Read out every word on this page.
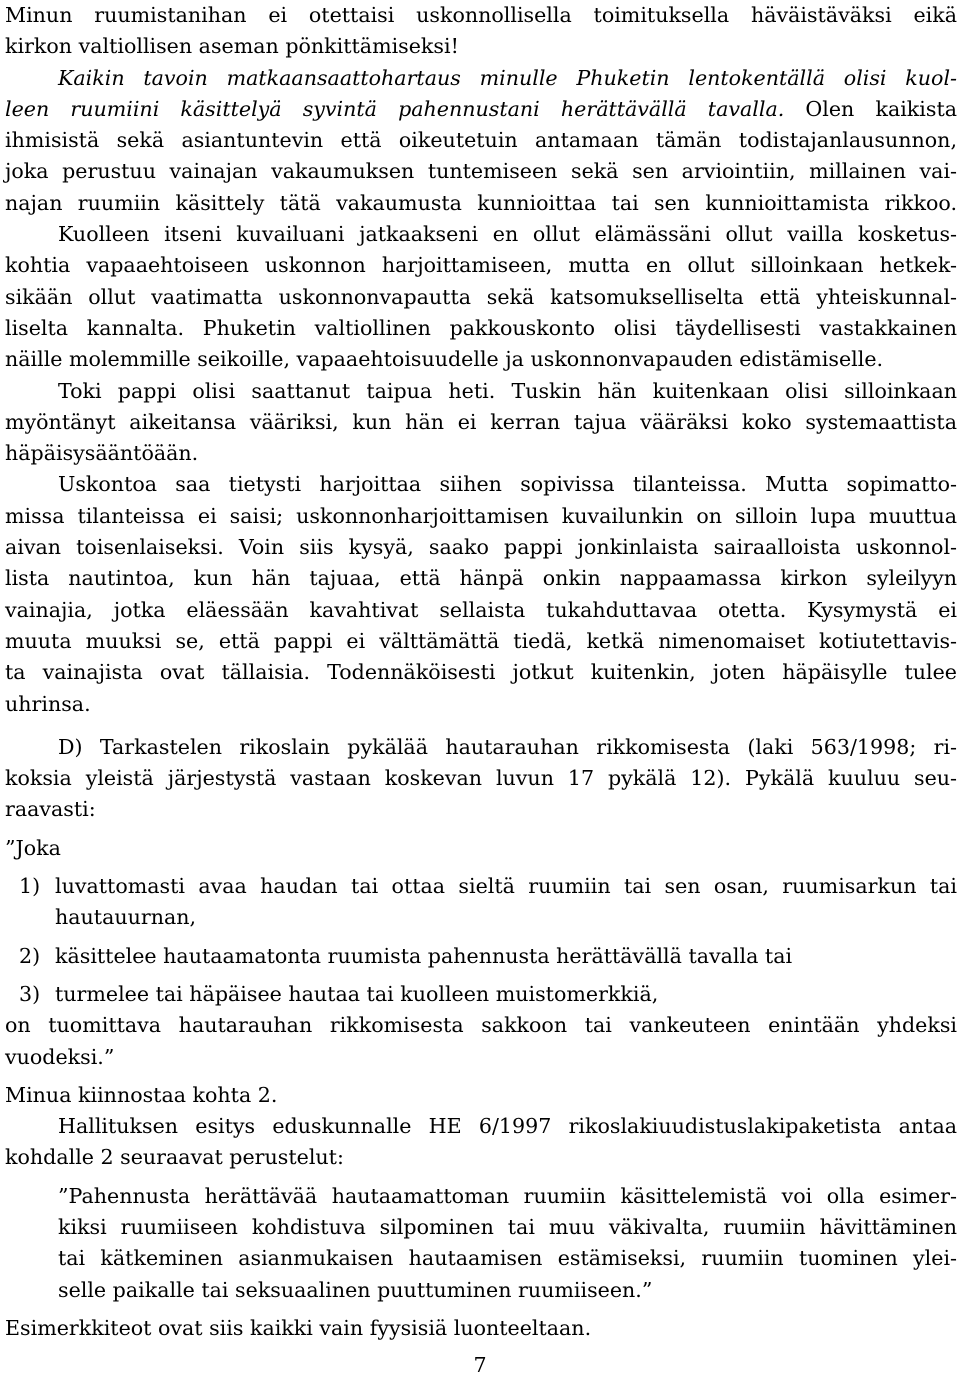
Minun ruumistanihan ei otettaisi uskonnollisella toimituksella häväistäväksi eikä
kirkon valtiollisen aseman pönkittämiseksi!
Kaikin tavoin matkaansaattohartaus minulle Phuketin lentokentällä olisi kuol-
leen ruumiini käsittelyä syvintä pahennustani herättävällä tavalla. Olen kaikista
ihmisistä sekä asiantuntevin että oikeutetuin antamaan tämän todistajanlausunnon,
joka perustuu vainajan vakaumuksen tuntemiseen sekä sen arviointiin, millainen vai-
najan ruumiin käsittely tätä vakaumusta kunnioittaa tai sen kunnioittamista rikkoo.
Kuolleen itseni kuvailuani jatkaakseni en ollut elämässäni ollut vailla kosketus-
kohtia vapaaehtoiseen uskonnon harjoittamiseen, mutta en ollut silloinkaan hetkek-
sikään ollut vaatimatta uskonnonvapautta sekä katsomukselliselta että yhteiskunnal-
liselta kannalta. Phuketin valtiollinen pakkouskonto olisi täydellisesti vastakkainen
näille molemmille seikoille, vapaaehtoisuudelle ja uskonnonvapauden edistämiselle.
Toki pappi olisi saattanut taipua heti. Tuskin hän kuitenkaan olisi silloinkaan
myöntänyt aikeitansa vääriksi, kun hän ei kerran tajua vääräksi koko systemaattista
häpäisysääntöään.
Uskontoa saa tietysti harjoittaa siihen sopivissa tilanteissa. Mutta sopimatto-
missa tilanteissa ei saisi; uskonnonharjoittamisen kuvailunkin on silloin lupa muuttua
aivan toisenlaiseksi. Voin siis kysyä, saako pappi jonkinlaista sairaalloista uskonnol-
lista nautintoa, kun hän tajuaa, että hänpä onkin nappaamassa kirkon syleilyyn
vainajia, jotka eläessään kavahtivat sellaista tukahduttavaa otetta. Kysymystä ei
muuta muuksi se, että pappi ei välttämättä tiedä, ketkä nimenomaiset kotiutettavis-
ta vainajista ovat tällaisia. Todennäköisesti jotkut kuitenkin, joten häpäisylle tulee
uhrinsa.
D) Tarkastelen rikoslain pykälää hautarauhan rikkomisesta (laki 563/1998; ri-
koksia yleistä järjestystä vastaan koskevan luvun 17 pykälä 12). Pykälä kuuluu seu-
raavasti:
”Joka
1) luvattomasti avaa haudan tai ottaa sieltä ruumiin tai sen osan, ruumisarkun tai
hautauurnan,
2) käsittelee hautaamatonta ruumista pahennusta herättävällä tavalla tai
3) turmelee tai häpäisee hautaa tai kuolleen muistomerkkiä,
on tuomittava hautarauhan rikkomisesta sakkoon tai vankeuteen enintään yhdeksi
vuodeksi.”
Minua kiinnostaa kohta 2.
Hallituksen esitys eduskunnalle HE 6/1997 rikoslakiuudistuslakipaketista antaa
kohdalle 2 seuraavat perustelut:
”Pahennusta herättävää hautaamattoman ruumiin käsittelemistä voi olla esimer-
kiksi ruumiiseen kohdistuva silpominen tai muu väkivalta, ruumiin hävittäminen
tai kätkeminen asianmukaisen hautaamisen estämiseksi, ruumiin tuominen ylei-
selle paikalle tai seksuaalinen puuttuminen ruumiiseen.”
Esimerkkiteot ovat siis kaikki vain fyysisiä luonteeltaan.
7
